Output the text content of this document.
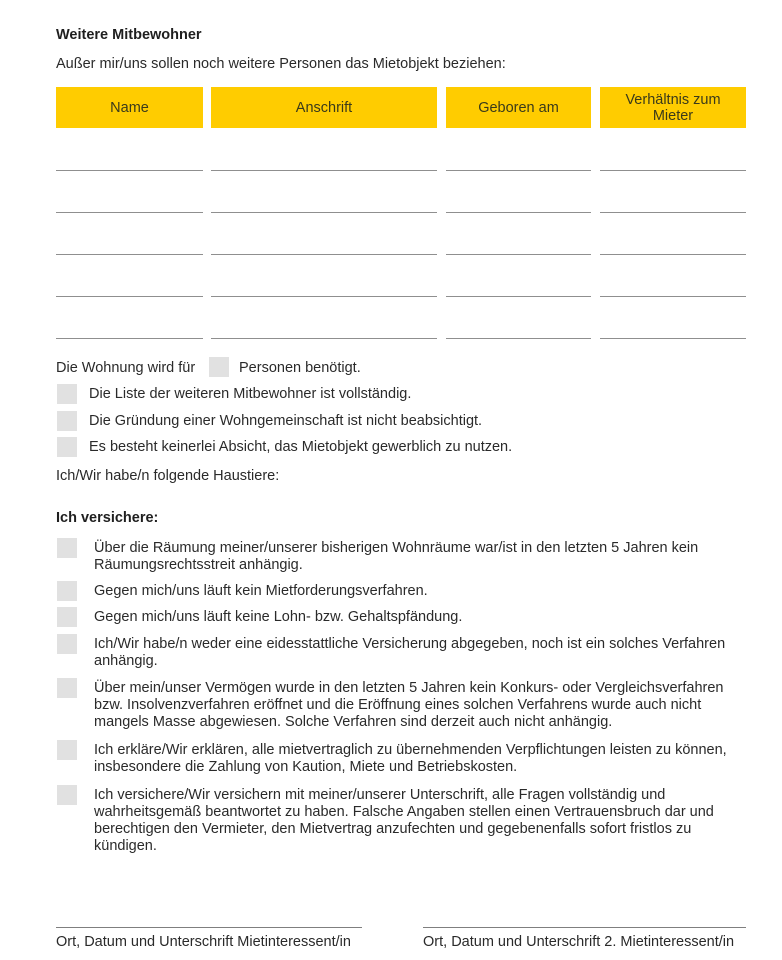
Weitere Mitbewohner
Außer mir/uns sollen noch weitere Personen das Mietobjekt beziehen:
Name	Anschrift	Geboren am	Verhältnis zum Mieter
Die Wohnung wird für	Personen benötigt.
Die Liste der weiteren Mitbewohner ist vollständig.
Die Gründung einer Wohngemeinschaft ist nicht beabsichtigt.
Es besteht keinerlei Absicht, das Mietobjekt gewerblich zu nutzen.
Ich/Wir habe/n folgende Haustiere:
Ich versichere:
Über die Räumung meiner/unserer bisherigen Wohnräume war/ist in den letzten 5 Jahren kein Räumungsrechtsstreit anhängig.
Gegen mich/uns läuft kein Mietforderungsverfahren.
Gegen mich/uns läuft keine Lohn- bzw. Gehaltspfändung.
Ich/Wir habe/n weder eine eidesstattliche Versicherung abgegeben, noch ist ein solches Verfahren anhängig.
Über mein/unser Vermögen wurde in den letzten 5 Jahren kein Konkurs- oder Vergleichsverfahren bzw. Insolvenzverfahren eröffnet und die Eröffnung eines solchen Verfahrens wurde auch nicht mangels Masse abgewiesen. Solche Verfahren sind derzeit auch nicht anhängig.
Ich erkläre/Wir erklären, alle mietvertraglich zu übernehmenden Verpflichtungen leisten zu können, insbesondere die Zahlung von Kaution, Miete und Betriebskosten.
Ich versichere/Wir versichern mit meiner/unserer Unterschrift, alle Fragen vollständig und wahrheitsgemäß beantwortet zu haben. Falsche Angaben stellen einen Vertrauensbruch dar und berechtigen den Vermieter, den Mietvertrag anzufechten und gegebenenfalls sofort fristlos zu kündigen.
Ort, Datum und Unterschrift Mietinteressent/in	Ort, Datum und Unterschrift 2. Mietinteressent/in
